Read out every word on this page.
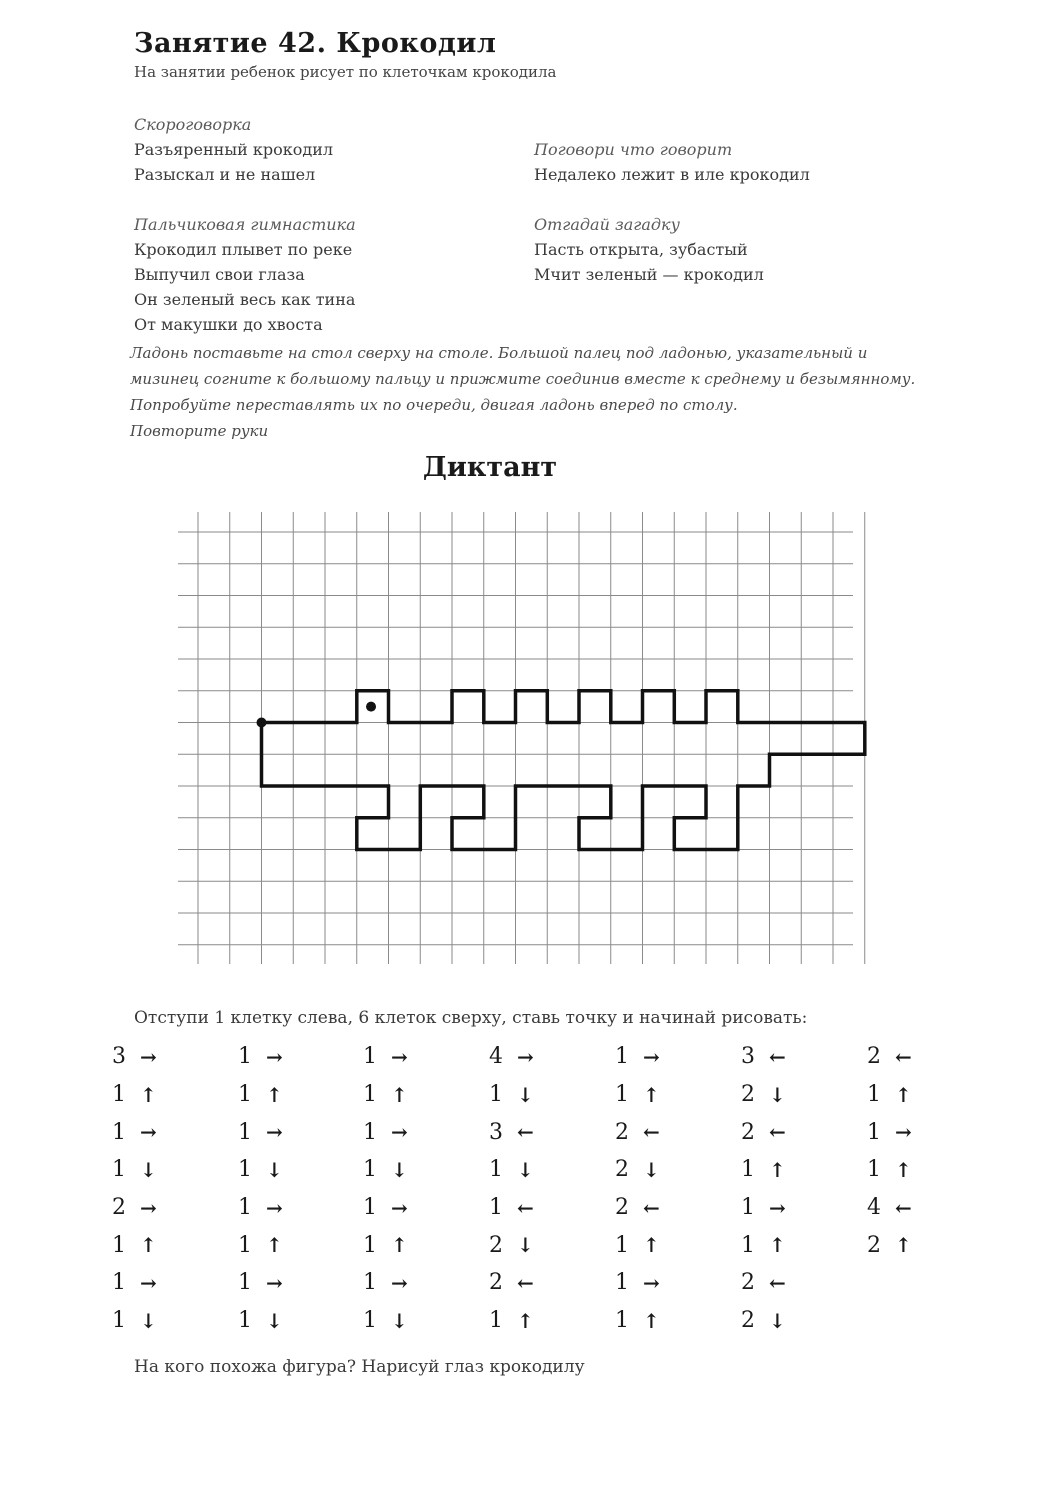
Занятие 42. Крокодил
На занятии ребенок рисует по клеточкам крокодила
Скороговорка
Разъяренный крокодил
Разыскал и не нашел
Поговори что говорит
Недалеко лежит в иле крокодил
Пальчиковая гимнастика
Крокодил плывет по реке
Выпучил свои глаза
Он зеленый весь как тина
От макушки до хвоста
Отгадай загадку
Пасть открыта, зубастый
Мчит зеленый — крокодил
Ладонь поставьте на стол сверху на столе. Большой палец под ладонью, указательный и
мизинец согните к большому пальцу и прижмите соединив вместе к среднему и безымянному.
Попробуйте переставлять их по очереди, двигая ладонь вперед по столу.
Повторите руки
Диктант
Отступи 1 клетку слева, 6 клеток сверху, ставь точку и начинай рисовать:
3 →
1 ↑
1 →
1 ↓
2 →
1 ↑
1 →
1 ↓
1 →
1 ↑
1 →
1 ↓
1 →
1 ↑
1 →
1 ↓
1 →
1 ↑
1 →
1 ↓
1 →
1 ↑
1 →
1 ↓
4 →
1 ↓
3 ←
1 ↓
1 ←
2 ↓
2 ←
1 ↑
1 →
1 ↑
2 ←
2 ↓
2 ←
1 ↑
1 →
1 ↑
3 ←
2 ↓
2 ←
1 ↑
1 →
1 ↑
2 ←
2 ↓
2 ←
1 ↑
1 →
1 ↑
4 ←
2 ↑
На кого похожа фигура? Нарисуй глаз крокодилу
